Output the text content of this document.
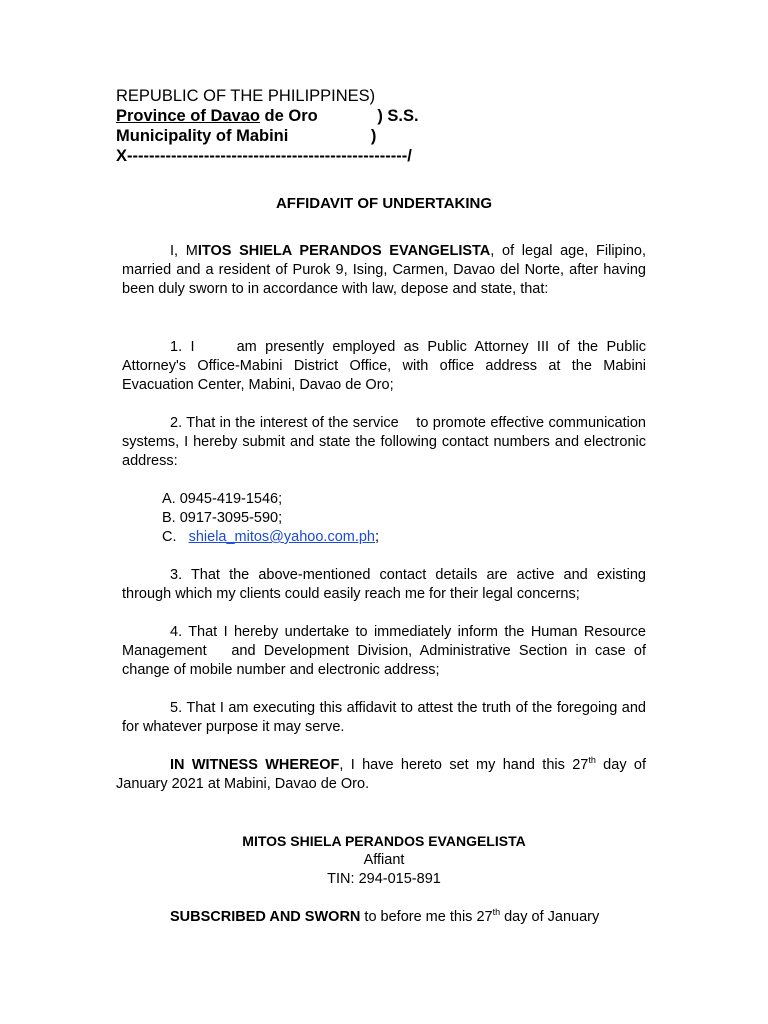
REPUBLIC OF THE PHILIPPINES)
Province of Davao de Oro	) S.S.
Municipality of Mabini	)
X---------------------------------------------------/
AFFIDAVIT OF UNDERTAKING
I, MITOS SHIELA PERANDOS EVANGELISTA, of legal age, Filipino, married and a resident of Purok 9, Ising, Carmen, Davao del Norte, after having been duly sworn to in accordance with law, depose and state, that:
1. I     am presently employed as Public Attorney III of the Public Attorney's Office-Mabini District Office, with office address at the Mabini Evacuation Center, Mabini, Davao de Oro;
2. That in the interest of the service    to promote effective communication systems, I hereby submit and state the following contact numbers and electronic address:
A. 0945-419-1546;
B. 0917-3095-590;
C.   shiela_mitos@yahoo.com.ph;
3. That the above-mentioned contact details are active and existing through which my clients could easily reach me for their legal concerns;
4. That I hereby undertake to immediately inform the Human Resource Management   and Development Division, Administrative Section in case of change of mobile number and electronic address;
5. That I am executing this affidavit to attest the truth of the foregoing and for whatever purpose it may serve.
IN WITNESS WHEREOF, I have hereto set my hand this 27th day of January 2021 at Mabini, Davao de Oro.
MITOS SHIELA PERANDOS EVANGELISTA
Affiant
TIN: 294-015-891
SUBSCRIBED AND SWORN to before me this 27th day of January
